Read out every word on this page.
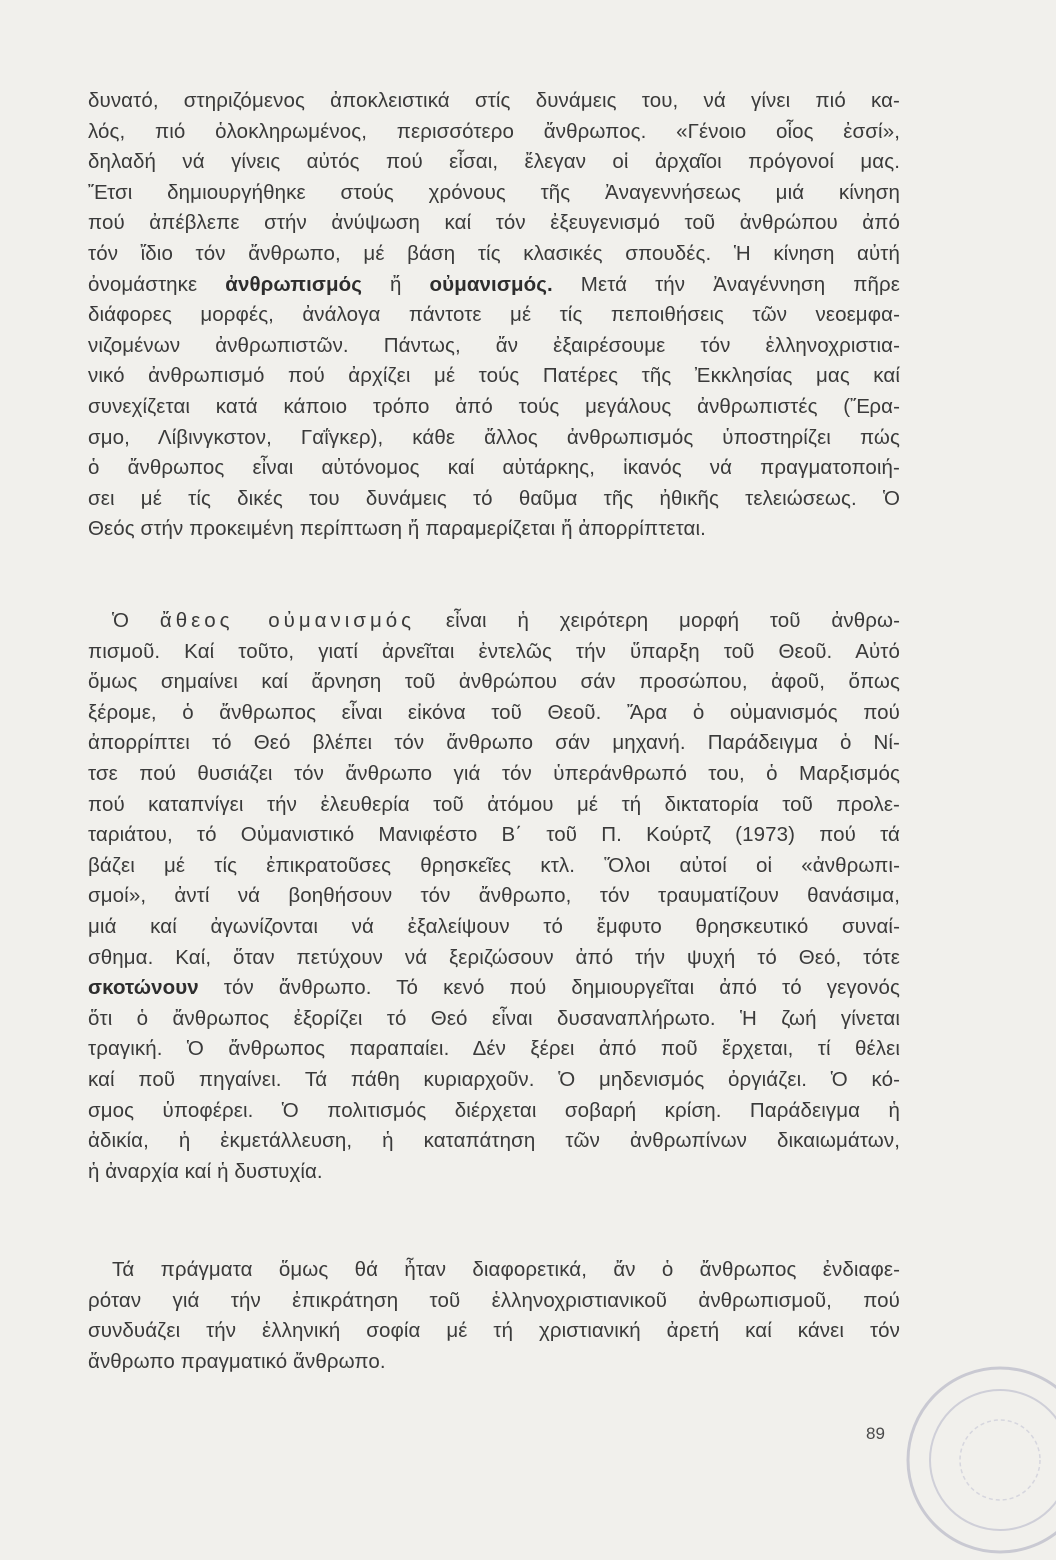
δυνατό, στηριζόμενος ἀποκλειστικά στίς δυνάμεις του, νά γίνει πιό κα-
λός, πιό ὁλοκληρωμένος, περισσότερο ἄνθρωπος. «Γένοιο οἷος ἐσσί»,
δηλαδή νά γίνεις αὐτός πού εἶσαι, ἔλεγαν οἱ ἀρχαῖοι πρόγονοί μας.
Ἔτσι δημιουργήθηκε στούς χρόνους τῆς Ἀναγεννήσεως μιά κίνηση
πού ἀπέβλεπε στήν ἀνύψωση καί τόν ἐξευγενισμό τοῦ ἀνθρώπου ἀπό
τόν ἴδιο τόν ἄνθρωπο, μέ βάση τίς κλασικές σπουδές. Ἡ κίνηση αὐτή
ὀνομάστηκε ἀνθρωπισμός ἤ οὐμανισμός. Μετά τήν Ἀναγέννηση πῆρε
διάφορες μορφές, ἀνάλογα πάντοτε μέ τίς πεποιθήσεις τῶν νεοεμφα-
νιζομένων ἀνθρωπιστῶν. Πάντως, ἄν ἐξαιρέσουμε τόν ἑλληνοχριστια-
νικό ἀνθρωπισμό πού ἀρχίζει μέ τούς Πατέρες τῆς Ἐκκλησίας μας καί
συνεχίζεται κατά κάποιο τρόπο ἀπό τούς μεγάλους ἀνθρωπιστές (Ἔρα-
σμο, Λίβινγκστον, Γαΐγκερ), κάθε ἄλλος ἀνθρωπισμός ὑποστηρίζει πώς
ὁ ἄνθρωπος εἶναι αὐτόνομος καί αὐτάρκης, ἱκανός νά πραγματοποιή-
σει μέ τίς δικές του δυνάμεις τό θαῦμα τῆς ἠθικῆς τελειώσεως. Ὁ
Θεός στήν προκειμένη περίπτωση ἤ παραμερίζεται ἤ ἀπορρίπτεται.
Ὁ ἄθεος οὐμανισμός εἶναι ἡ χειρότερη μορφή τοῦ ἀνθρω-
πισμοῦ. Καί τοῦτο, γιατί ἀρνεῖται ἐντελῶς τήν ὕπαρξη τοῦ Θεοῦ. Αὐτό
ὅμως σημαίνει καί ἄρνηση τοῦ ἀνθρώπου σάν προσώπου, ἀφοῦ, ὅπως
ξέρομε, ὁ ἄνθρωπος εἶναι εἰκόνα τοῦ Θεοῦ. Ἄρα ὁ οὐμανισμός πού
ἀπορρίπτει τό Θεό βλέπει τόν ἄνθρωπο σάν μηχανή. Παράδειγμα ὁ Νί-
τσε πού θυσιάζει τόν ἄνθρωπο γιά τόν ὑπεράνθρωπό του, ὁ Μαρξισμός
πού καταπνίγει τήν ἐλευθερία τοῦ ἀτόμου μέ τή δικτατορία τοῦ προλε-
ταριάτου, τό Οὐμανιστικό Μανιφέστο Β΄ τοῦ Π. Κούρτζ (1973) πού τά
βάζει μέ τίς ἐπικρατοῦσες θρησκεῖες κτλ. Ὅλοι αὐτοί οἱ «ἀνθρωπι-
σμοί», ἀντί νά βοηθήσουν τόν ἄνθρωπο, τόν τραυματίζουν θανάσιμα,
μιά καί ἀγωνίζονται νά ἐξαλείψουν τό ἔμφυτο θρησκευτικό συναί-
σθημα. Καί, ὅταν πετύχουν νά ξεριζώσουν ἀπό τήν ψυχή τό Θεό, τότε
σκοτώνουν τόν ἄνθρωπο. Τό κενό πού δημιουργεῖται ἀπό τό γεγονός
ὅτι ὁ ἄνθρωπος ἐξορίζει τό Θεό εἶναι δυσαναπλήρωτο. Ἡ ζωή γίνεται
τραγική. Ὁ ἄνθρωπος παραπαίει. Δέν ξέρει ἀπό ποῦ ἔρχεται, τί θέλει
καί ποῦ πηγαίνει. Τά πάθη κυριαρχοῦν. Ὁ μηδενισμός ὀργιάζει. Ὁ κό-
σμος ὑποφέρει. Ὁ πολιτισμός διέρχεται σοβαρή κρίση. Παράδειγμα ἡ
ἀδικία, ἡ ἐκμετάλλευση, ἡ καταπάτηση τῶν ἀνθρωπίνων δικαιωμάτων,
ἡ ἀναρχία καί ἡ δυστυχία.
Τά πράγματα ὅμως θά ἦταν διαφορετικά, ἄν ὁ ἄνθρωπος ἐνδιαφε-
ρόταν γιά τήν ἐπικράτηση τοῦ ἑλληνοχριστιανικοῦ ἀνθρωπισμοῦ, πού
συνδυάζει τήν ἑλληνική σοφία μέ τή χριστιανική ἀρετή καί κάνει τόν
ἄνθρωπο πραγματικό ἄνθρωπο.
89
